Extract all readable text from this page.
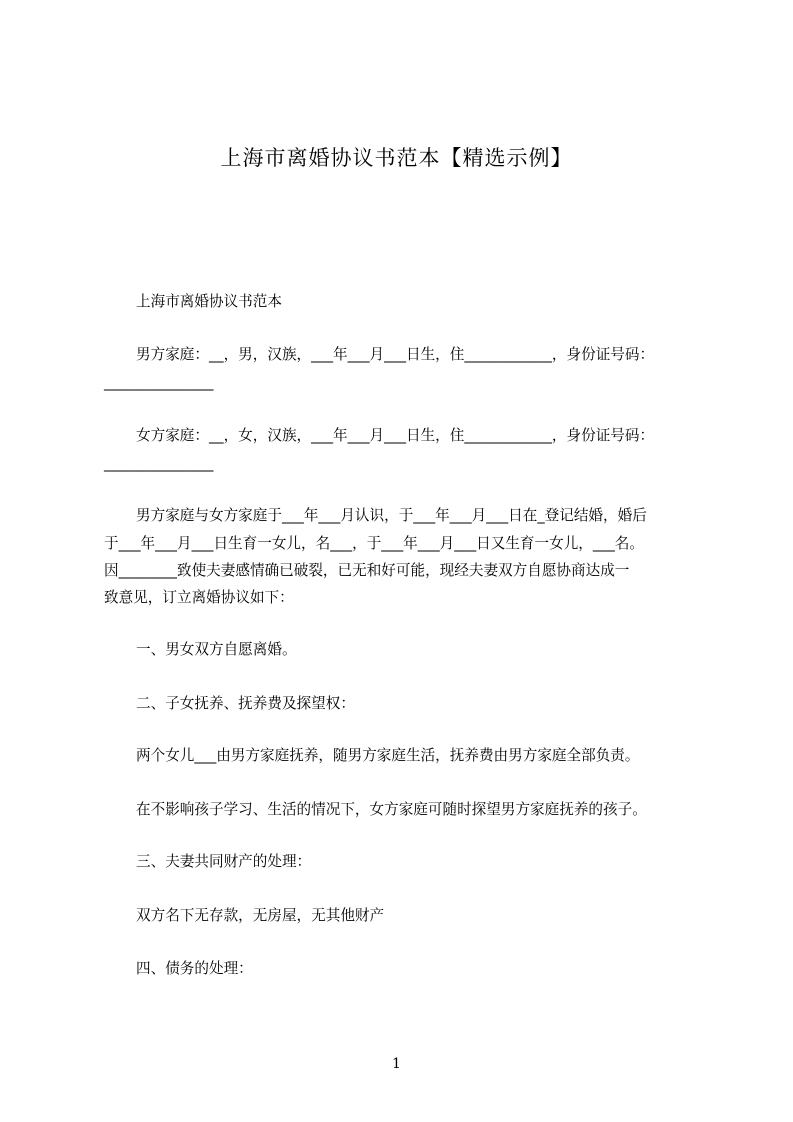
上海市离婚协议书范本【精选示例】

上海市离婚协议书范本

男方家庭：__，男，汉族，___年___月___日生，住____________，身份证号码：

_______________

女方家庭：__，女，汉族，___年___月___日生，住____________，身份证号码：

_______________

男方家庭与女方家庭于___年___月认识，于___年___月___日在_登记结婚，婚后

于___年___月___日生育一女儿，名___，于___年___月___日又生育一女儿，___名。

因________致使夫妻感情确已破裂，已无和好可能，现经夫妻双方自愿协商达成一

致意见，订立离婚协议如下：

一、男女双方自愿离婚。

二、子女抚养、抚养费及探望权：

两个女儿___由男方家庭抚养，随男方家庭生活，抚养费由男方家庭全部负责。

在不影响孩子学习、生活的情况下，女方家庭可随时探望男方家庭抚养的孩子。

三、夫妻共同财产的处理：

双方名下无存款，无房屋，无其他财产

四、债务的处理：

1
